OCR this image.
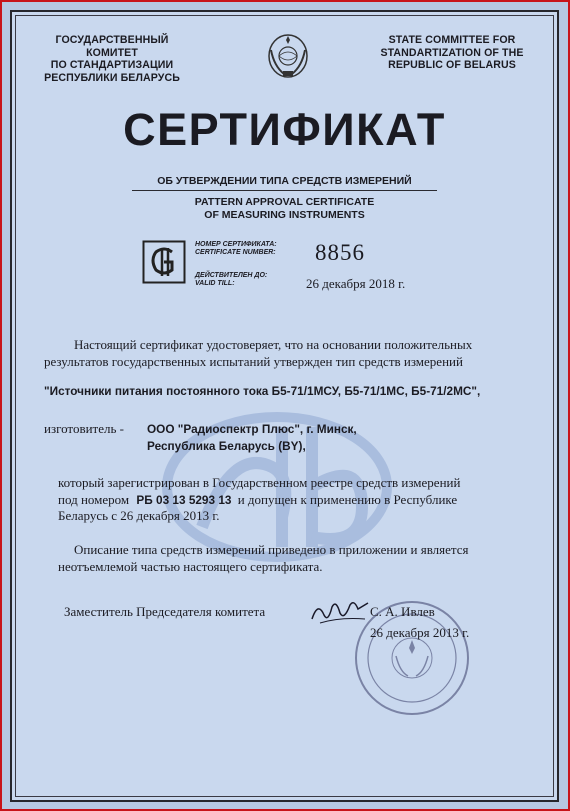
ГОСУДАРСТВЕННЫЙ КОМИТЕТ
ПО СТАНДАРТИЗАЦИИ
РЕСПУБЛИКИ БЕЛАРУСЬ
STATE COMMITTEE FOR
STANDARTIZATION OF THE
REPUBLIC OF BELARUS
СЕРТИФИКАТ
ОБ УТВЕРЖДЕНИИ ТИПА СРЕДСТВ ИЗМЕРЕНИЙ
PATTERN APPROVAL CERTIFICATE
OF MEASURING INSTRUMENTS
НОМЕР СЕРТИФИКАТА:
CERTIFICATE NUMBER: 8856
ДЕЙСТВИТЕЛЕН ДО:
VALID TILL:	26 декабря 2018 г.
Настоящий сертификат удостоверяет, что на основании положительных
результатов государственных испытаний утвержден тип средств измерений
"Источники питания постоянного тока Б5-71/1МСУ, Б5-71/1МС, Б5-71/2МС",
изготовитель - ООО "Радиоспектр Плюс", г. Минск,
Республика Беларусь (BY),
который зарегистрирован в Государственном реестре средств измерений
под номером РБ 03 13 5293 13 и допущен к применению в Республике
Беларусь с 26 декабря 2013 г.
Описание типа средств измерений приведено в приложении и является
неотъемлемой частью настоящего сертификата.
Заместитель Председателя комитета	С. А. Ивлев
26 декабря 2013 г.
